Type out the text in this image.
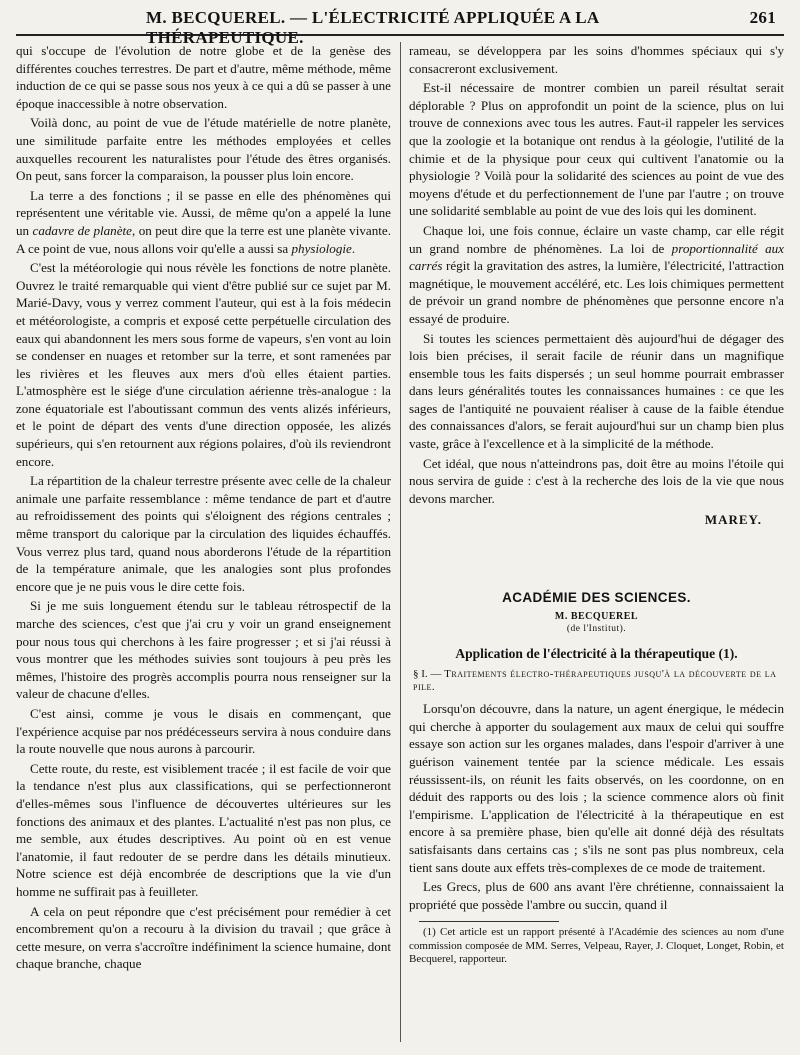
M. BECQUEREL. — L'ÉLECTRICITÉ APPLIQUÉE A LA THÉRAPEUTIQUE.
261

qui s'occupe de l'évolution de notre globe et de la genèse des différentes couches terrestres. De part et d'autre, même méthode, même induction de ce qui se passe sous nos yeux à ce qui a dû se passer à une époque inaccessible à notre observation.

Voilà donc, au point de vue de l'étude matérielle de notre planète, une similitude parfaite entre les méthodes employées et celles auxquelles recourent les naturalistes pour l'étude des êtres organisés. On peut, sans forcer la comparaison, la pousser plus loin encore.

La terre a des fonctions ; il se passe en elle des phénomènes qui représentent une véritable vie. Aussi, de même qu'on a appelé la lune un cadavre de planète, on peut dire que la terre est une planète vivante. A ce point de vue, nous allons voir qu'elle a aussi sa physiologie.

C'est la météorologie qui nous révèle les fonctions de notre planète. Ouvrez le traité remarquable qui vient d'être publié sur ce sujet par M. Marié-Davy, vous y verrez comment l'auteur, qui est à la fois médecin et météorologiste, a compris et exposé cette perpétuelle circulation des eaux qui abandonnent les mers sous forme de vapeurs, s'en vont au loin se condenser en nuages et retomber sur la terre, et sont ramenées par les rivières et les fleuves aux mers d'où elles étaient parties. L'atmosphère est le siége d'une circulation aérienne très-analogue : la zone équatoriale est l'aboutissant commun des vents alizés inférieurs, et le point de départ des vents d'une direction opposée, les alizés supérieurs, qui s'en retournent aux régions polaires, d'où ils reviendront encore.

La répartition de la chaleur terrestre présente avec celle de la chaleur animale une parfaite ressemblance : même tendance de part et d'autre au refroidissement des points qui s'éloignent des régions centrales ; même transport du calorique par la circulation des liquides échauffés. Vous verrez plus tard, quand nous aborderons l'étude de la répartition de la température animale, que les analogies sont plus profondes encore que je ne puis vous le dire cette fois.

Si je me suis longuement étendu sur le tableau rétrospectif de la marche des sciences, c'est que j'ai cru y voir un grand enseignement pour nous tous qui cherchons à les faire progresser ; et si j'ai réussi à vous montrer que les méthodes suivies sont toujours à peu près les mêmes, l'histoire des progrès accomplis pourra nous renseigner sur la valeur de chacune d'elles.

C'est ainsi, comme je vous le disais en commençant, que l'expérience acquise par nos prédécesseurs servira à nous conduire dans la route nouvelle que nous aurons à parcourir.

Cette route, du reste, est visiblement tracée ; il est facile de voir que la tendance n'est plus aux classifications, qui se perfectionneront d'elles-mêmes sous l'influence de découvertes ultérieures sur les fonctions des animaux et des plantes. L'actualité n'est pas non plus, ce me semble, aux études descriptives. Au point où en est venue l'anatomie, il faut redouter de se perdre dans les détails minutieux. Notre science est déjà encombrée de descriptions que la vie d'un homme ne suffirait pas à feuilleter.

A cela on peut répondre que c'est précisément pour remédier à cet encombrement qu'on a recouru à la division du travail ; que grâce à cette mesure, on verra s'accroître indéfiniment la science humaine, dont chaque branche, chaque

rameau, se développera par les soins d'hommes spéciaux qui s'y consacreront exclusivement.

Est-il nécessaire de montrer combien un pareil résultat serait déplorable ? Plus on approfondit un point de la science, plus on lui trouve de connexions avec tous les autres. Faut-il rappeler les services que la zoologie et la botanique ont rendus à la géologie, l'utilité de la chimie et de la physique pour ceux qui cultivent l'anatomie ou la physiologie ? Voilà pour la solidarité des sciences au point de vue des moyens d'étude et du perfectionnement de l'une par l'autre ; on trouve une solidarité semblable au point de vue des lois qui les dominent.

Chaque loi, une fois connue, éclaire un vaste champ, car elle régit un grand nombre de phénomènes. La loi de proportionnalité aux carrés régit la gravitation des astres, la lumière, l'électricité, l'attraction magnétique, le mouvement accéléré, etc. Les lois chimiques permettent de prévoir un grand nombre de phénomènes que personne encore n'a essayé de produire.

Si toutes les sciences permettaient dès aujourd'hui de dégager des lois bien précises, il serait facile de réunir dans un magnifique ensemble tous les faits dispersés ; un seul homme pourrait embrasser dans leurs généralités toutes les connaissances humaines : ce que les sages de l'antiquité ne pouvaient réaliser à cause de la faible étendue des connaissances d'alors, se ferait aujourd'hui sur un champ bien plus vaste, grâce à l'excellence et à la simplicité de la méthode.

Cet idéal, que nous n'atteindrons pas, doit être au moins l'étoile qui nous servira de guide : c'est à la recherche des lois de la vie que nous devons marcher.

MAREY.
ACADÉMIE DES SCIENCES.
M. BECQUEREL
(de l'Institut).
Application de l'électricité à la thérapeutique (1).
§ I. — Traitements électro-thérapeutiques jusqu'à la découverte de la pile.

Lorsqu'on découvre, dans la nature, un agent énergique, le médecin qui cherche à apporter du soulagement aux maux de celui qui souffre essaye son action sur les organes malades, dans l'espoir d'arriver à une guérison vainement tentée par la science médicale. Les essais réussissent-ils, on réunit les faits observés, on les coordonne, on en déduit des rapports ou des lois ; la science commence alors où finit l'empirisme. L'application de l'électricité à la thérapeutique en est encore à sa première phase, bien qu'elle ait donné déjà des résultats satisfaisants dans certains cas ; s'ils ne sont pas plus nombreux, cela tient sans doute aux effets très-complexes de ce mode de traitement.

Les Grecs, plus de 600 ans avant l'ère chrétienne, connaissaient la propriété que possède l'ambre ou succin, quand il

(1) Cet article est un rapport présenté à l'Académie des sciences au nom d'une commission composée de MM. Serres, Velpeau, Rayer, J. Cloquet, Longet, Robin, et Becquerel, rapporteur.
